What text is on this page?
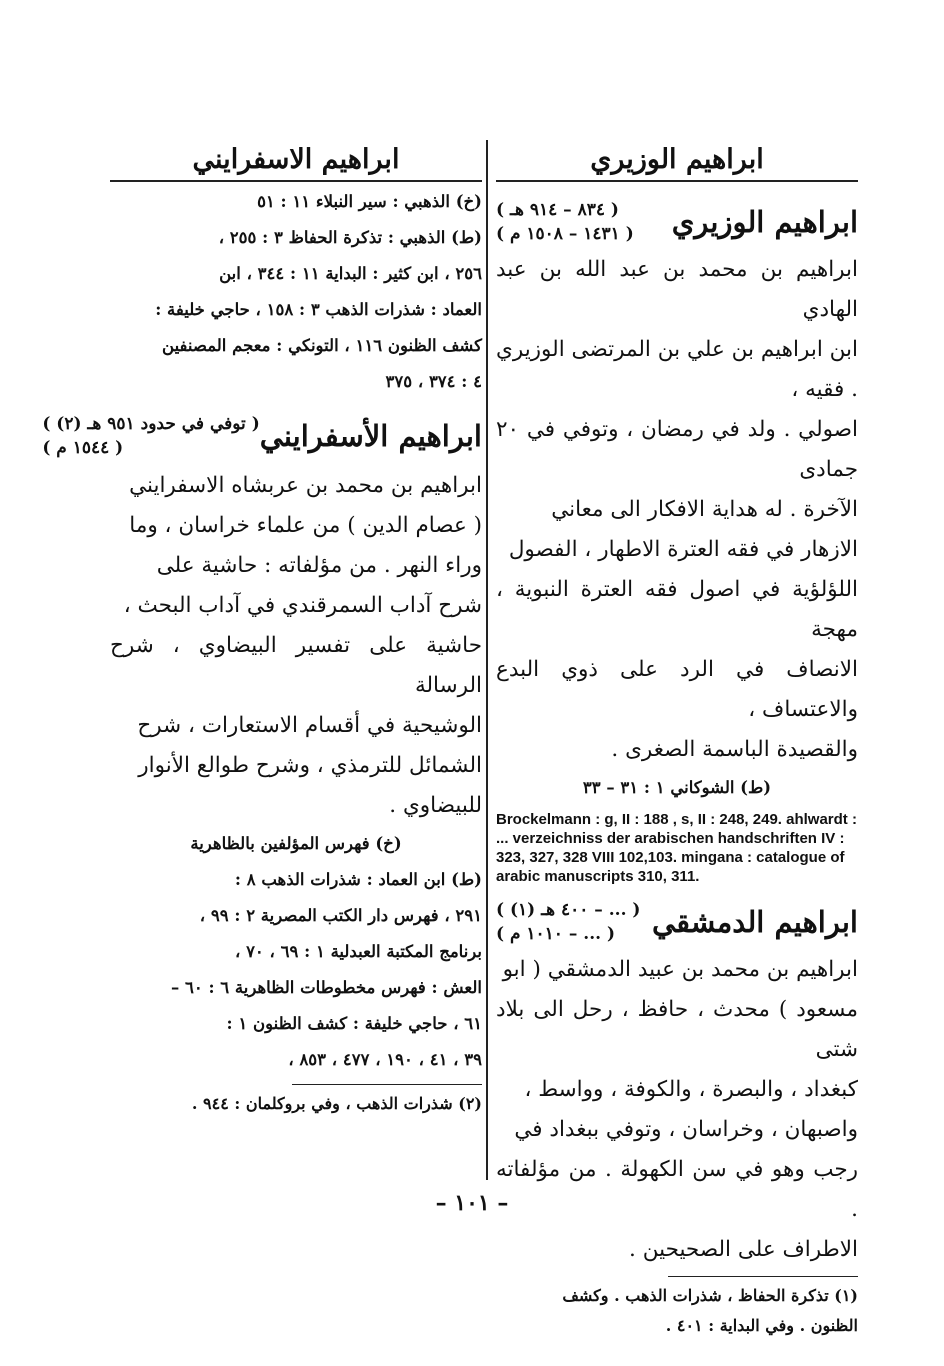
ابراهيم الوزيري
ابراهيم الوزيري
( ٨٣٤ – ٩١٤ هـ )
( ١٤٣١ – ١٥٠٨ م )

ابراهيم بن محمد بن عبد الله بن عبد الهادي

ابن ابراهيم بن علي بن المرتضى الوزيري . فقيه ،

اصولي . ولد في رمضان ، وتوفي في ٢٠ جمادى

الآخرة . له هداية الافكار الى معاني

الازهار في فقه العترة الاطهار ، الفصول

اللؤلؤية في اصول فقه العترة النبوية ، مهجة

الانصاف في الرد على ذوي البدع والاعتساف ،

والقصيدة الباسمة الصغرى .

(ط) الشوكاني ١ : ٣١ – ٣٣
Brockelmann : g, II : 188 , s, II : 248, 249. ahlwardt : ... verzeichniss der arabischen handschriften IV : 323, 327, 328 VIII 102,103. mingana : catalogue of arabic manuscripts 310, 311.
ابراهيم الدمشقي
( ... – ٤٠٠ هـ (١) )
( ... – ١٠١٠ م )

ابراهيم بن محمد بن عبيد الدمشقي ( ابو

مسعود ) محدث ، حافظ ، رحل الى بلاد شتى

كبغداد ، والبصرة ، والكوفة ، وواسط ،

واصبهان ، وخراسان ، وتوفي ببغداد في

رجب وهو في سن الكهولة . من مؤلفاته .

الاطراف على الصحيحين .

(١) تذكرة الحفاظ ، شذرات الذهب . وكشف

الظنون . وفي البداية : ٤٠١ .

ابراهيم الاسفرايني

(خ) الذهبي : سير النبلاء ١١ : ٥١

(ط) الذهبي : تذكرة الحفاظ ٣ : ٢٥٥ ،

٢٥٦ ، ابن كثير : البداية ١١ : ٣٤٤ ، ابن

العماد : شذرات الذهب ٣ : ١٥٨ ، حاجي خليفة :

كشف الظنون ١١٦ ، التونكي : معجم المصنفين

٤ : ٣٧٤ ، ٣٧٥

ابراهيم الأسفرايني
( توفي في حدود ٩٥١ هـ (٢) )
( ١٥٤٤ م )

ابراهيم بن محمد بن عربشاه الاسفرايني

( عصام الدين ) من علماء خراسان ، وما

وراء النهر . من مؤلفاته : حاشية على

شرح آداب السمرقندي في آداب البحث ،

حاشية على تفسير البيضاوي ، شرح الرسالة

الوشيحية في أقسام الاستعارات ، شرح

الشمائل للترمذي ، وشرح طوالع الأنوار

للبيضاوي .

(خ) فهرس المؤلفين بالظاهرية

(ط) ابن العماد : شذرات الذهب ٨ :

٢٩١ ، فهرس دار الكتب المصرية ٢ : ٩٩ ،

برنامج المكتبة العبدلية ١ : ٦٩ ، ٧٠ ،

العش : فهرس مخطوطات الظاهرية ٦ : ٦٠ –

٦١ ، حاجي خليفة : كشف الظنون ١ :

٣٩ ، ٤١ ، ١٩٠ ، ٤٧٧ ، ٨٥٣ ،

(٢) شذرات الذهب ، وفي بروكلمان : ٩٤٤ .

– ١٠١ –
